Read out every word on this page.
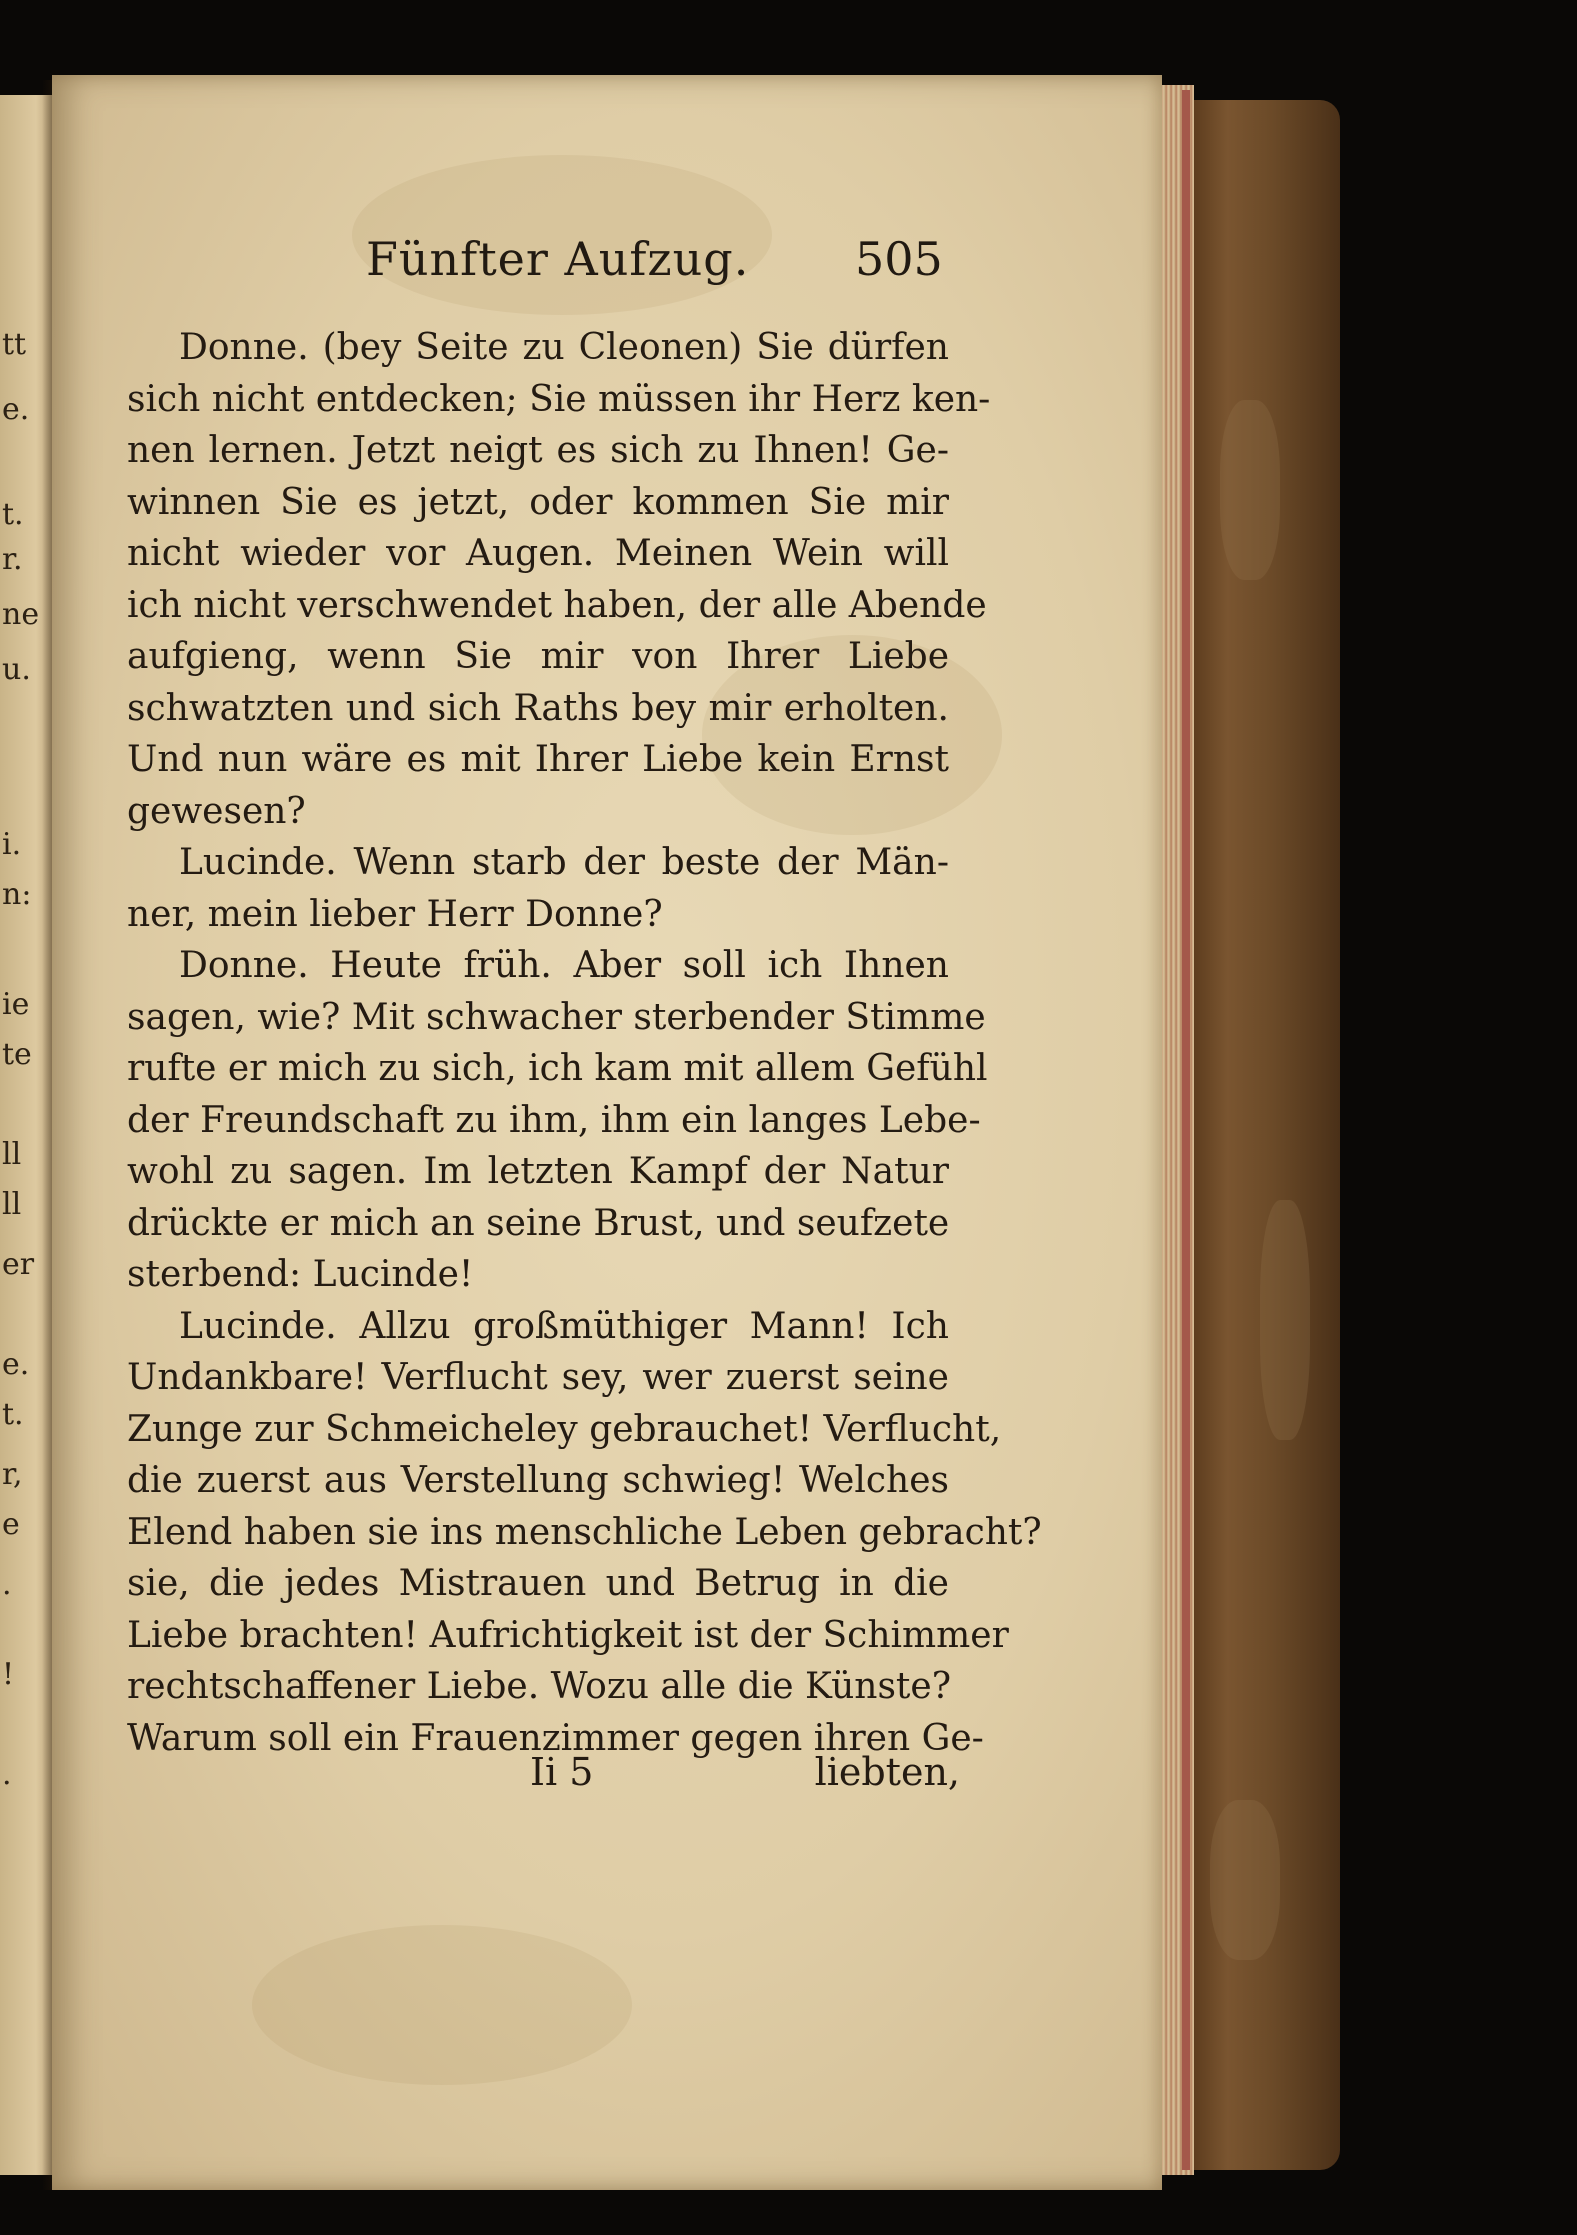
tt
e.
t.
r.
ne
u.
i.
n:
ie
te
ll
ll
er
e.
t.
r,
e
.
!
.
Fünfter Aufzug. 505
Donne. (bey Seite zu Cleonen) Sie dürfen
sich nicht entdecken; Sie müssen ihr Herz ken-
nen lernen. Jetzt neigt es sich zu Ihnen! Ge-
winnen Sie es jetzt, oder kommen Sie mir
nicht wieder vor Augen. Meinen Wein will
ich nicht verschwendet haben, der alle Abende
aufgieng, wenn Sie mir von Ihrer Liebe
schwatzten und sich Raths bey mir erholten.
Und nun wäre es mit Ihrer Liebe kein Ernst
gewesen?
Lucinde. Wenn starb der beste der Män-
ner, mein lieber Herr Donne?
Donne. Heute früh. Aber soll ich Ihnen
sagen, wie? Mit schwacher sterbender Stimme
rufte er mich zu sich, ich kam mit allem Gefühl
der Freundschaft zu ihm, ihm ein langes Lebe-
wohl zu sagen. Im letzten Kampf der Natur
drückte er mich an seine Brust, und seufzete
sterbend: Lucinde!
Lucinde. Allzu großmüthiger Mann! Ich
Undankbare! Verflucht sey, wer zuerst seine
Zunge zur Schmeicheley gebrauchet! Verflucht,
die zuerst aus Verstellung schwieg! Welches
Elend haben sie ins menschliche Leben gebracht?
sie, die jedes Mistrauen und Betrug in die
Liebe brachten! Aufrichtigkeit ist der Schimmer
rechtschaffener Liebe. Wozu alle die Künste?
Warum soll ein Frauenzimmer gegen ihren Ge-
Ii 5	liebten,
